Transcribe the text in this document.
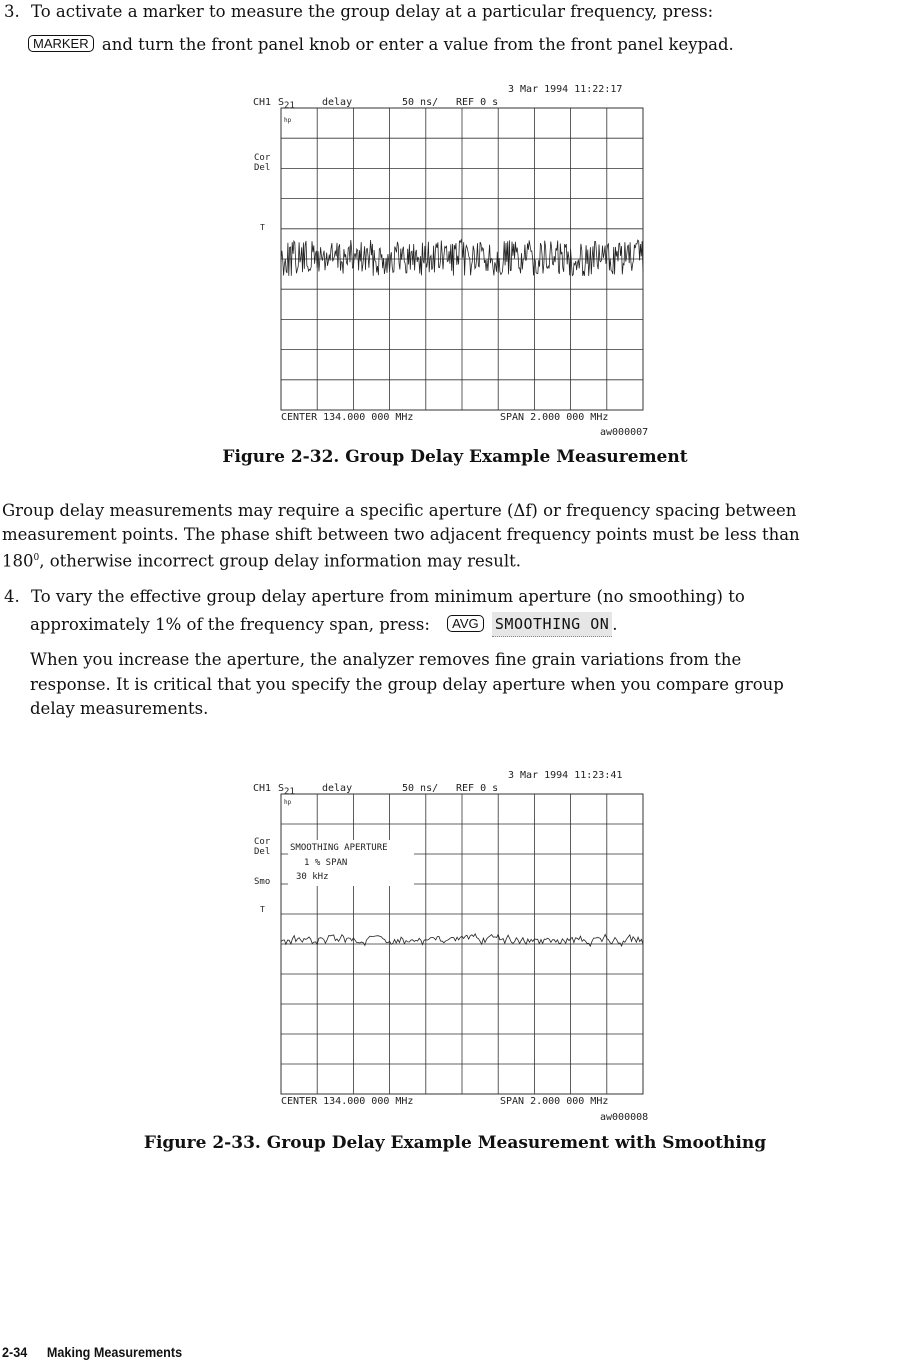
3. To activate a marker to measure the group delay at a particular frequency, press:
MARKER and turn the front panel knob or enter a value from the front panel keypad.
3 Mar 1994 11:22:17
CH1 S21	delay	50 ns/ REF 0 s
Cor
Del
T
hp
CENTER 134.000 000 MHz	SPAN 2.000 000 MHz
aw000007
Figure 2-32. Group Delay Example Measurement
Group delay measurements may require a specific aperture (Δf) or frequency spacing between
measurement points. The phase shift between two adjacent frequency points must be less than
$180^0$, otherwise incorrect group delay information may result.
4. To vary the effective group delay aperture from minimum aperture (no smoothing) to
approximately 1% of the frequency span, press: AVG SMOOTHING ON .
When you increase the aperture, the analyzer removes fine grain variations from the
response. It is critical that you specify the group delay aperture when you compare group
delay measurements.
3 Mar 1994 11:23:41
CH1 S21	delay	50 ns/ REF 0 s
Cor
Del
Smo
T
hp
SMOOTHING APERTURE
1 % SPAN
30 kHz
CENTER 134.000 000 MHz	SPAN 2.000 000 MHz
aw000008
Figure 2-33. Group Delay Example Measurement with Smoothing
2-34 Making Measurements
